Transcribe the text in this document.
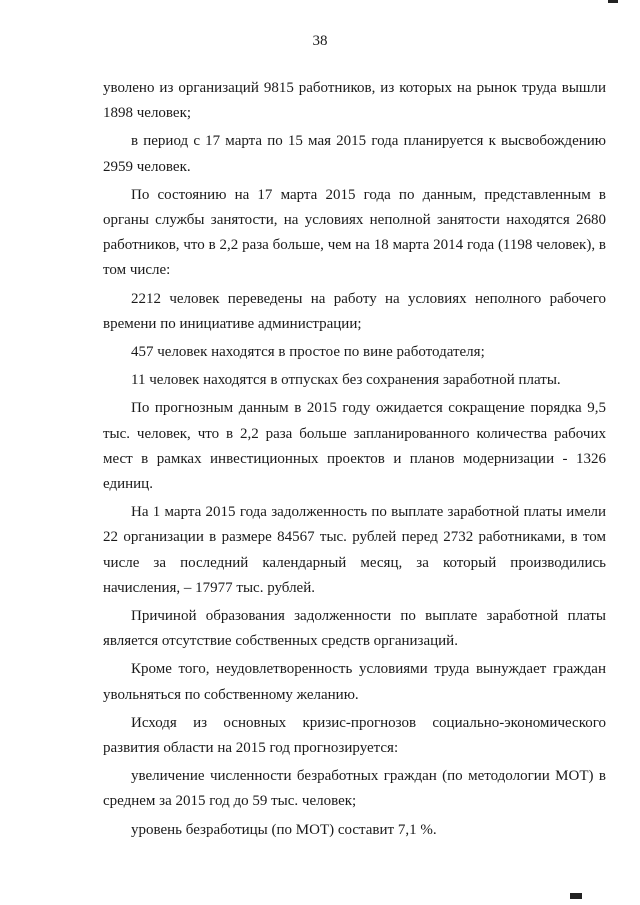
38

уволено из организаций 9815 работников, из которых на рынок труда вышли 1898 человек;

в период с 17 марта по 15 мая 2015 года планируется к высвобождению 2959 человек.

По состоянию на 17 марта 2015 года по данным, представленным в органы службы занятости, на условиях неполной занятости находятся 2680 работников, что в 2,2 раза больше, чем на 18 марта 2014 года (1198 человек), в том числе:

2212 человек переведены на работу на условиях неполного рабочего времени по инициативе администрации;

457 человек находятся в простое по вине работодателя;

11 человек находятся в отпусках без сохранения заработной платы.

По прогнозным данным в 2015 году ожидается сокращение порядка 9,5 тыс. человек, что в 2,2 раза больше запланированного количества рабочих мест в рамках инвестиционных проектов и планов модернизации - 1326 единиц.

На 1 марта 2015 года задолженность по выплате заработной платы имели 22 организации в размере 84567 тыс. рублей перед 2732 работниками, в том числе за последний календарный месяц, за который производились начисления, – 17977 тыс. рублей.

Причиной образования задолженности по выплате заработной платы является отсутствие собственных средств организаций.

Кроме того, неудовлетворенность условиями труда вынуждает граждан увольняться по собственному желанию.

Исходя из основных кризис-прогнозов социально-экономического развития области на 2015 год прогнозируется:

увеличение численности безработных граждан (по методологии МОТ) в среднем за 2015 год до 59 тыс. человек;

уровень безработицы (по МОТ) составит 7,1 %.
